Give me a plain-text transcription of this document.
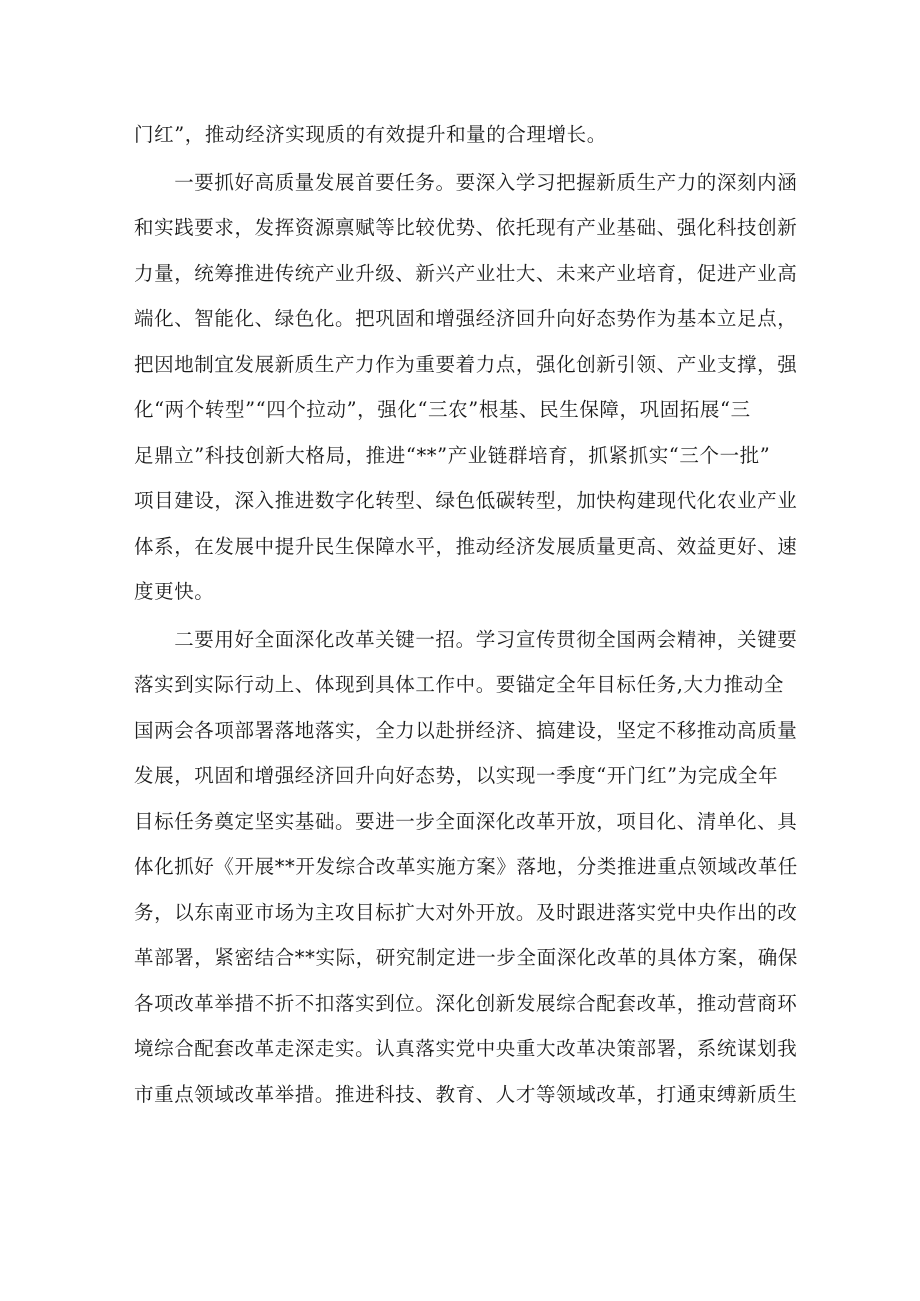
门红”，推动经济实现质的有效提升和量的合理增长。
　　一要抓好高质量发展首要任务。要深入学习把握新质生产力的深刻内涵
和实践要求，发挥资源禀赋等比较优势、依托现有产业基础、强化科技创新
力量，统筹推进传统产业升级、新兴产业壮大、未来产业培育，促进产业高
端化、智能化、绿色化。把巩固和增强经济回升向好态势作为基本立足点，
把因地制宜发展新质生产力作为重要着力点，强化创新引领、产业支撑，强
化“两个转型”“四个拉动”，强化“三农”根基、民生保障，巩固拓展“三
足鼎立”科技创新大格局，推进“**”产业链群培育，抓紧抓实“三个一批”
项目建设，深入推进数字化转型、绿色低碳转型，加快构建现代化农业产业
体系，在发展中提升民生保障水平，推动经济发展质量更高、效益更好、速
度更快。
　　二要用好全面深化改革关键一招。学习宣传贯彻全国两会精神，关键要
落实到实际行动上、体现到具体工作中。要锚定全年目标任务,大力推动全
国两会各项部署落地落实，全力以赴拼经济、搞建设，坚定不移推动高质量
发展，巩固和增强经济回升向好态势，以实现一季度“开门红”为完成全年
目标任务奠定坚实基础。要进一步全面深化改革开放，项目化、清单化、具
体化抓好《开展**开发综合改革实施方案》落地，分类推进重点领域改革任
务，以东南亚市场为主攻目标扩大对外开放。及时跟进落实党中央作出的改
革部署，紧密结合**实际，研究制定进一步全面深化改革的具体方案，确保
各项改革举措不折不扣落实到位。深化创新发展综合配套改革，推动营商环
境综合配套改革走深走实。认真落实党中央重大改革决策部署，系统谋划我
市重点领域改革举措。推进科技、教育、人才等领域改革，打通束缚新质生
